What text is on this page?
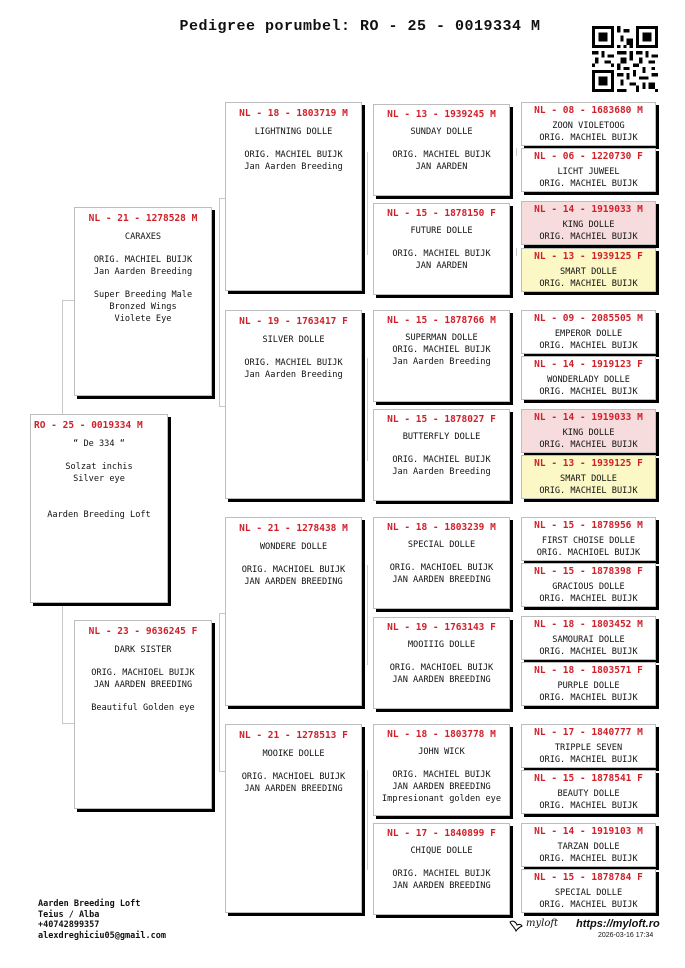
Pedigree porumbel: RO - 25 - 0019334 M
RO - 25 - 0019334 M
“ De 334 “
Solzat inchis
Silver eye
Aarden Breeding Loft
NL - 21 - 1278528 M
CARAXES
ORIG. MACHIEL BUIJK
Jan Aarden Breeding
Super Breeding Male
Bronzed Wings
Violete Eye
NL - 23 - 9636245 F
DARK SISTER
ORIG. MACHIOEL BUIJK
JAN AARDEN BREEDING
Beautiful Golden eye
NL - 18 - 1803719 M
LIGHTNING DOLLE
ORIG. MACHIEL BUIJK
Jan Aarden Breeding
NL - 19 - 1763417 F
SILVER DOLLE
ORIG. MACHIEL BUIJK
Jan Aarden Breeding
NL - 21 - 1278438 M
WONDERE DOLLE
ORIG. MACHIOEL BUIJK
JAN AARDEN BREEDING
NL - 21 - 1278513 F
MOOIKE DOLLE
ORIG. MACHIOEL BUIJK
JAN AARDEN BREEDING
NL - 13 - 1939245 M
SUNDAY DOLLE
ORIG. MACHIEL BUIJK
JAN AARDEN
NL - 15 - 1878150 F
FUTURE DOLLE
ORIG. MACHIEL BUIJK
JAN AARDEN
NL - 15 - 1878766 M
SUPERMAN DOLLE
ORIG. MACHIEL BUIJK
Jan Aarden Breeding
NL - 15 - 1878027 F
BUTTERFLY DOLLE
ORIG. MACHIEL BUIJK
Jan Aarden Breeding
NL - 18 - 1803239 M
SPECIAL DOLLE
ORIG. MACHIOEL BUIJK
JAN AARDEN BREEDING
NL - 19 - 1763143 F
MOOIIIG DOLLE
ORIG. MACHIOEL BUIJK
JAN AARDEN BREEDING
NL - 18 - 1803778 M
JOHN WICK
ORIG. MACHIEL BUIJK
JAN AARDEN BREEDING
Impresionant golden eye
NL - 17 - 1840899 F
CHIQUE DOLLE
ORIG. MACHIEL BUIJK
JAN AARDEN BREEDING
NL - 08 - 1683680 M
ZOON VIOLETOOG
ORIG. MACHIEL BUIJK
NL - 06 - 1220730 F
LICHT JUWEEL
ORIG. MACHIEL BUIJK
NL - 14 - 1919033 M
KING DOLLE
ORIG. MACHIEL BUIJK
NL - 13 - 1939125 F
SMART DOLLE
ORIG. MACHIEL BUIJK
NL - 09 - 2085505 M
EMPEROR DOLLE
ORIG. MACHIEL BUIJK
NL - 14 - 1919123 F
WONDERLADY DOLLE
ORIG. MACHIEL BUIJK
NL - 14 - 1919033 M
KING DOLLE
ORIG. MACHIEL BUIJK
NL - 13 - 1939125 F
SMART DOLLE
ORIG. MACHIEL BUIJK
NL - 15 - 1878956 M
FIRST CHOISE DOLLE
ORIG. MACHIOEL BUIJK
NL - 15 - 1878398 F
GRACIOUS DOLLE
ORIG. MACHIEL BUIJK
NL - 18 - 1803452 M
SAMOURAI DOLLE
ORIG. MACHIEL BUIJK
NL - 18 - 1803571 F
PURPLE DOLLE
ORIG. MACHIEL BUIJK
NL - 17 - 1840777 M
TRIPPLE SEVEN
ORIG. MACHIEL BUIJK
NL - 15 - 1878541 F
BEAUTY DOLLE
ORIG. MACHIEL BUIJK
NL - 14 - 1919103 M
TARZAN DOLLE
ORIG. MACHIEL BUIJK
NL - 15 - 1878784 F
SPECIAL DOLLE
ORIG. MACHIEL BUIJK
Aarden Breeding Loft
Teius / Alba
+40742899357
alexdreghiciu05@gmail.com
myloft https://myloft.ro
2026-03-16 17:34
